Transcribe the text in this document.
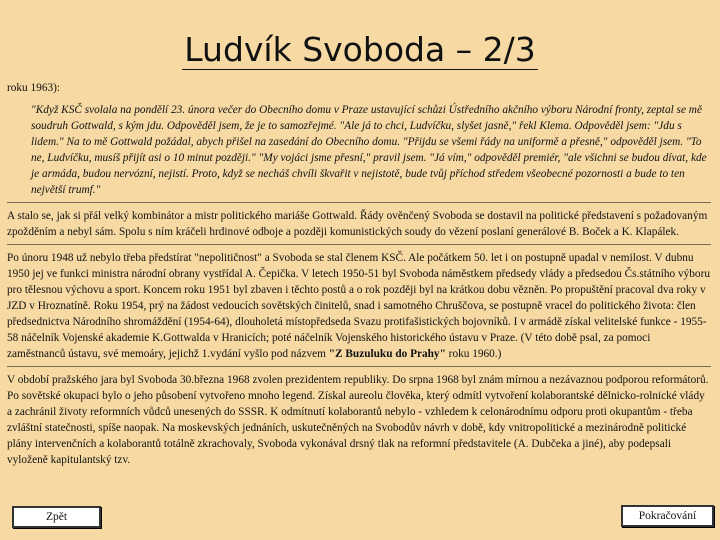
Ludvík Svoboda – 2/3

roku 1963):

"Když KSČ svolala na pondělí 23. února večer do Obecního domu v Praze ustavující schůzi Ústředního akčního výboru Národní fronty, zeptal se mě soudruh Gottwald, s kým jdu. Odpověděl jsem, že je to samozřejmé. "Ale já to chci, Ludvíčku, slyšet jasně," řekl Klema. Odpověděl jsem: "Jdu s lidem." Na to mě Gottwald požádal, abych přišel na zasedání do Obecního domu. "Přijdu se všemi řády na uniformě a přesně," odpověděl jsem. "To ne, Ludvíčku, musíš přijít asi o 10 minut později." "My vojáci jsme přesní," pravil jsem. "Já vím," odpověděl premiér, "ale všichni se budou dívat, kde je armáda, budou nervózní, nejistí. Proto, když se necháš chvíli škvařit v nejistotě, bude tvůj příchod středem všeobecné pozornosti a bude to ten největší trumf."

A stalo se, jak si přál velký kombinátor a mistr politického mariáše Gottwald. Řády ověnčený Svoboda se dostavil na politické představení s požadovaným zpožděním a nebyl sám. Spolu s ním kráčeli hrdinové odboje a později komunistických soudy do vězení poslaní generálové B. Boček a K. Klapálek.

Po únoru 1948 už nebylo třeba předstírat "nepolitičnost" a Svoboda se stal členem KSČ. Ale počátkem 50. let i on postupně upadal v nemilost. V dubnu 1950 jej ve funkci ministra národní obrany vystřídal A. Čepička. V letech 1950-51 byl Svoboda náměstkem předsedy vlády a předsedou Čs.státního výboru pro tělesnou výchovu a sport. Koncem roku 1951 byl zbaven i těchto postů a o rok později byl na krátkou dobu vězněn. Po propuštění pracoval dva roky v JZD v Hroznatíně. Roku 1954, prý na žádost vedoucích sovětských činitelů, snad i samotného Chruščova, se postupně vracel do politického života: člen předsednictva Národního shromáždění (1954-64), dlouholetá místopředseda Svazu protifašistických bojovníků. I v armádě získal velitelské funkce - 1955-58 náčelník Vojenské akademie K.Gottwalda v Hranicích; poté náčelník Vojenského historického ústavu v Praze. (V této době psal, za pomoci zaměstnanců ústavu, své memoáry, jejichž 1.vydání vyšlo pod názvem "Z Buzuluku do Prahy" roku 1960.)

V období pražského jara byl Svoboda 30.března 1968 zvolen prezidentem republiky. Do srpna 1968 byl znám mírnou a nezávaznou podporou reformátorů. Po sovětské okupaci bylo o jeho působení vytvořeno mnoho legend. Získal aureolu člověka, který odmítl vytvoření kolaborantské dělnicko-rolnické vlády a zachránil životy reformních vůdců unesených do SSSR. K odmítnutí kolaborantů nebylo - vzhledem k celonárodnímu odporu proti okupantům - třeba zvláštní statečnosti, spíše naopak. Na moskevských jednáních, uskutečněných na Svobodův návrh v době, kdy vnitropolitické a mezinárodně politické plány intervenčních a kolaborantů totálně zkrachovaly, Svoboda vykonával drsný tlak na reformní představitele (A. Dubčeka a jiné), aby podepsali vyloženě kapitulantský tzv.

Zpět	Pokračování
